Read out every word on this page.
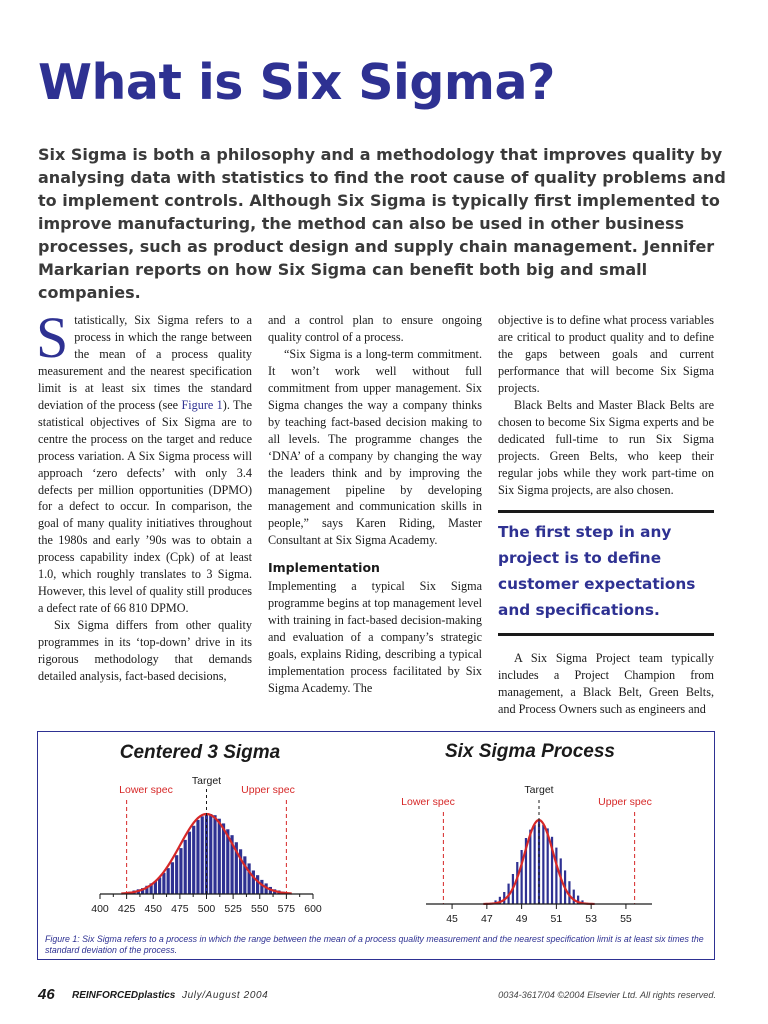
What is Six Sigma?

Six Sigma is both a philosophy and a methodology that improves quality by analysing data with statistics to find the root cause of quality problems and to implement controls. Although Six Sigma is typically first implemented to improve manufacturing, the method can also be used in other business processes, such as product design and supply chain management. Jennifer Markarian reports on how Six Sigma can benefit both big and small companies.

Statistically, Six Sigma refers to a process in which the range between the mean of a process quality measurement and the nearest specification limit is at least six times the standard deviation of the process (see Figure 1). The statistical objectives of Six Sigma are to centre the process on the target and reduce process variation. A Six Sigma process will approach ‘zero defects’ with only 3.4 defects per million opportunities (DPMO) for a defect to occur. In comparison, the goal of many quality initiatives throughout the 1980s and early ’90s was to obtain a process capability index (Cpk) of at least 1.0, which roughly translates to 3 Sigma. However, this level of quality still produces a defect rate of 66 810 DPMO.

Six Sigma differs from other quality programmes in its ‘top-down’ drive in its rigorous methodology that demands detailed analysis, fact-based decisions,

and a control plan to ensure ongoing quality control of a process.

“Six Sigma is a long-term commitment. It won’t work well without full commitment from upper management. Six Sigma changes the way a company thinks by teaching fact-based decision making to all levels. The programme changes the ‘DNA’ of a company by changing the way the leaders think and by improving the management pipeline by developing management and communication skills in people,” says Karen Riding, Master Consultant at Six Sigma Academy.

Implementation

Implementing a typical Six Sigma programme begins at top management level with training in fact-based decision-making and evaluation of a company’s strategic goals, explains Riding, describing a typical implementation process facilitated by Six Sigma Academy. The

objective is to define what process variables are critical to product quality and to define the gaps between goals and current performance that will become Six Sigma projects.

Black Belts and Master Black Belts are chosen to become Six Sigma experts and be dedicated full-time to run Six Sigma projects. Green Belts, who keep their regular jobs while they work part-time on Six Sigma projects, are also chosen.

The first step in any project is to define customer expectations and specifications.

A Six Sigma Project team typically includes a Project Champion from management, a Black Belt, Green Belts, and Process Owners such as engineers and

Centered 3 Sigma
Lower spec	Upper spec
Target
400 425 450 475 500 525 550 575 600
Six Sigma Process
Lower spec	Upper spec
Target
45 47 49 51 53 55

Figure 1: Six Sigma refers to a process in which the range between the mean of a process quality measurement and the nearest specification limit is at least six times the standard deviation of the process.

46 REINFORCEDplastics July/August 2004	0034-3617/04 ©2004 Elsevier Ltd. All rights reserved.
